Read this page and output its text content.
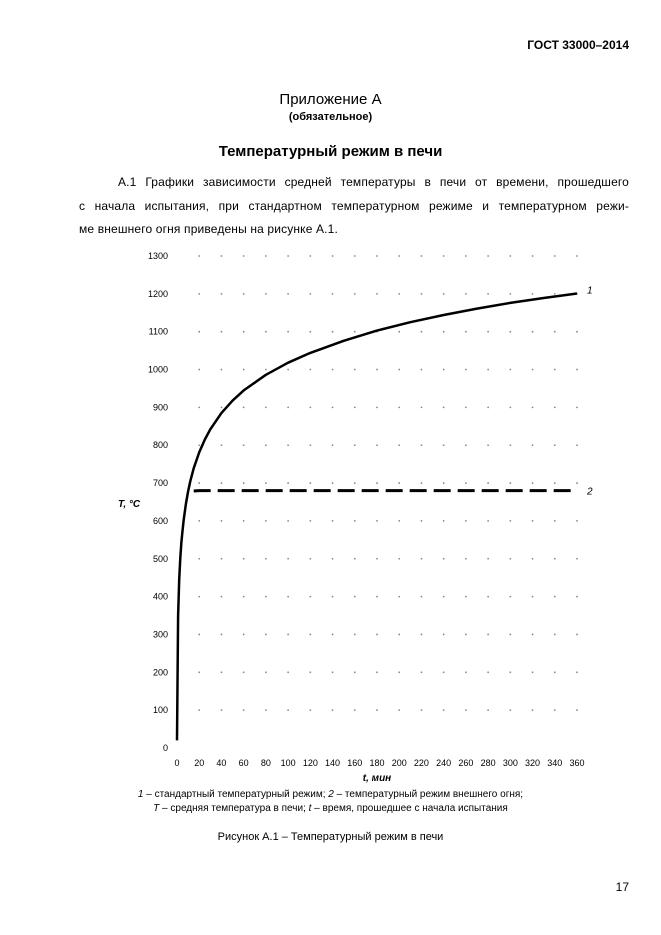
ГОСТ 33000–2014
Приложение А
(обязательное)
Температурный режим в печи
А.1 Графики зависимости средней температуры в печи от времени, прошедшего
с начала испытания, при стандартном температурном режиме и температурном режи-
ме внешнего огня приведены на рисунке А.1.
0
100
200
300
400
500
600
700
800
900
1000
1100
1200
1300
0 20 40 60 80 100 120 140 160 180 200 220 240 260 280 300 320 340 360
1
2
T, °C
t, мин
1 – стандартный температурный режим; 2 – температурный режим внешнего огня;
T – средняя температура в печи; t – время, прошедшее с начала испытания
Рисунок А.1 – Температурный режим в печи
17
